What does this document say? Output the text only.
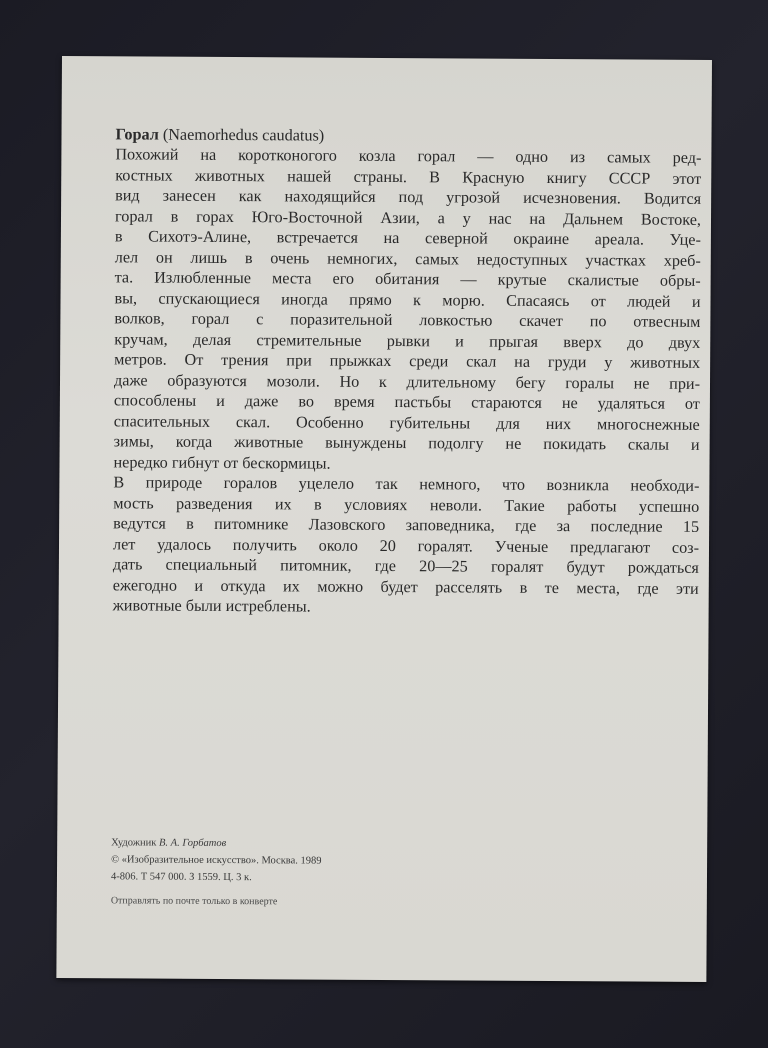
Горал (Naemorhedus caudatus)

Похожий на коротконогого козла горал — одно из самых ред-
костных животных нашей страны. В Красную книгу СССР этот
вид занесен как находящийся под угрозой исчезновения. Водится
горал в горах Юго-Восточной Азии, а у нас на Дальнем Востоке,
в Сихотэ-Алине, встречается на северной окраине ареала. Уце-
лел он лишь в очень немногих, самых недоступных участках хреб-
та. Излюбленные места его обитания — крутые скалистые обры-
вы, спускающиеся иногда прямо к морю. Спасаясь от людей и
волков, горал с поразительной ловкостью скачет по отвесным
кручам, делая стремительные рывки и прыгая вверх до двух
метров. От трения при прыжках среди скал на груди у животных
даже образуются мозоли. Но к длительному бегу горалы не при-
способлены и даже во время пастьбы стараются не удаляться от
спасительных скал. Особенно губительны для них многоснежные
зимы, когда животные вынуждены подолгу не покидать скалы и
нередко гибнут от бескормицы.

В природе горалов уцелело так немного, что возникла необходи-
мость разведения их в условиях неволи. Такие работы успешно
ведутся в питомнике Лазовского заповедника, где за последние 15
лет удалось получить около 20 горалят. Ученые предлагают соз-
дать специальный питомник, где 20—25 горалят будут рождаться
ежегодно и откуда их можно будет расселять в те места, где эти
животные были истреблены.

Художник В. А. Горбатов
© «Изобразительное искусство». Москва. 1989
4-806. Т 547 000. З 1559. Ц. 3 к.
Отправлять по почте только в конверте
